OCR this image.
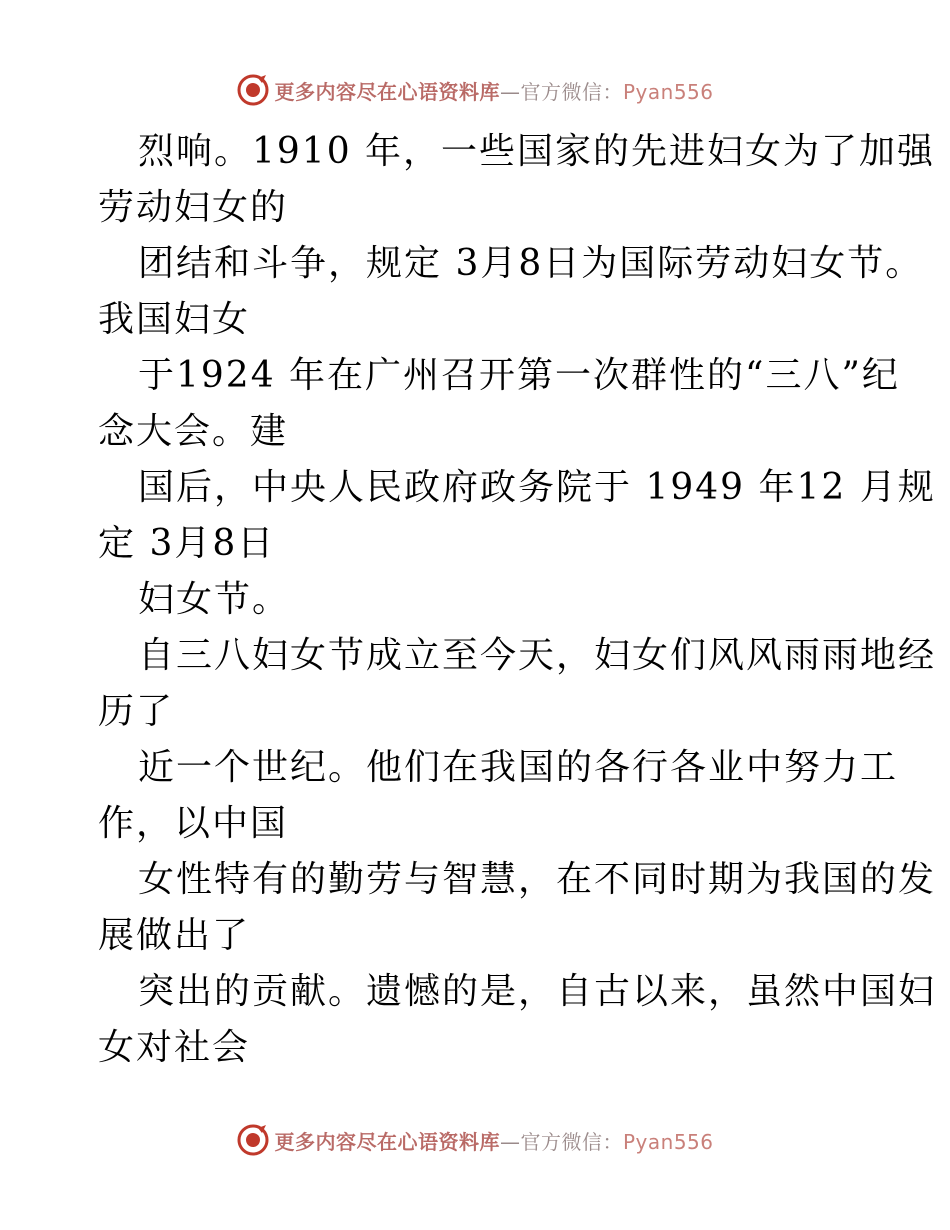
更多内容尽在心语资料库—官方微信：Pyan556
烈响。1910 年，一些国家的先进妇女为了加强
劳动妇女的
团结和斗争，规定 3月8日为国际劳动妇女节。
我国妇女
于1924 年在广州召开第一次群性的“三八”纪
念大会。建
国后，中央人民政府政务院于 1949 年12 月规
定 3月8日
妇女节。
自三八妇女节成立至今天，妇女们风风雨雨地经
历了
近一个世纪。他们在我国的各行各业中努力工
作，以中国
女性特有的勤劳与智慧，在不同时期为我国的发
展做出了
突出的贡献。遗憾的是，自古以来，虽然中国妇
女对社会
更多内容尽在心语资料库—官方微信：Pyan556
